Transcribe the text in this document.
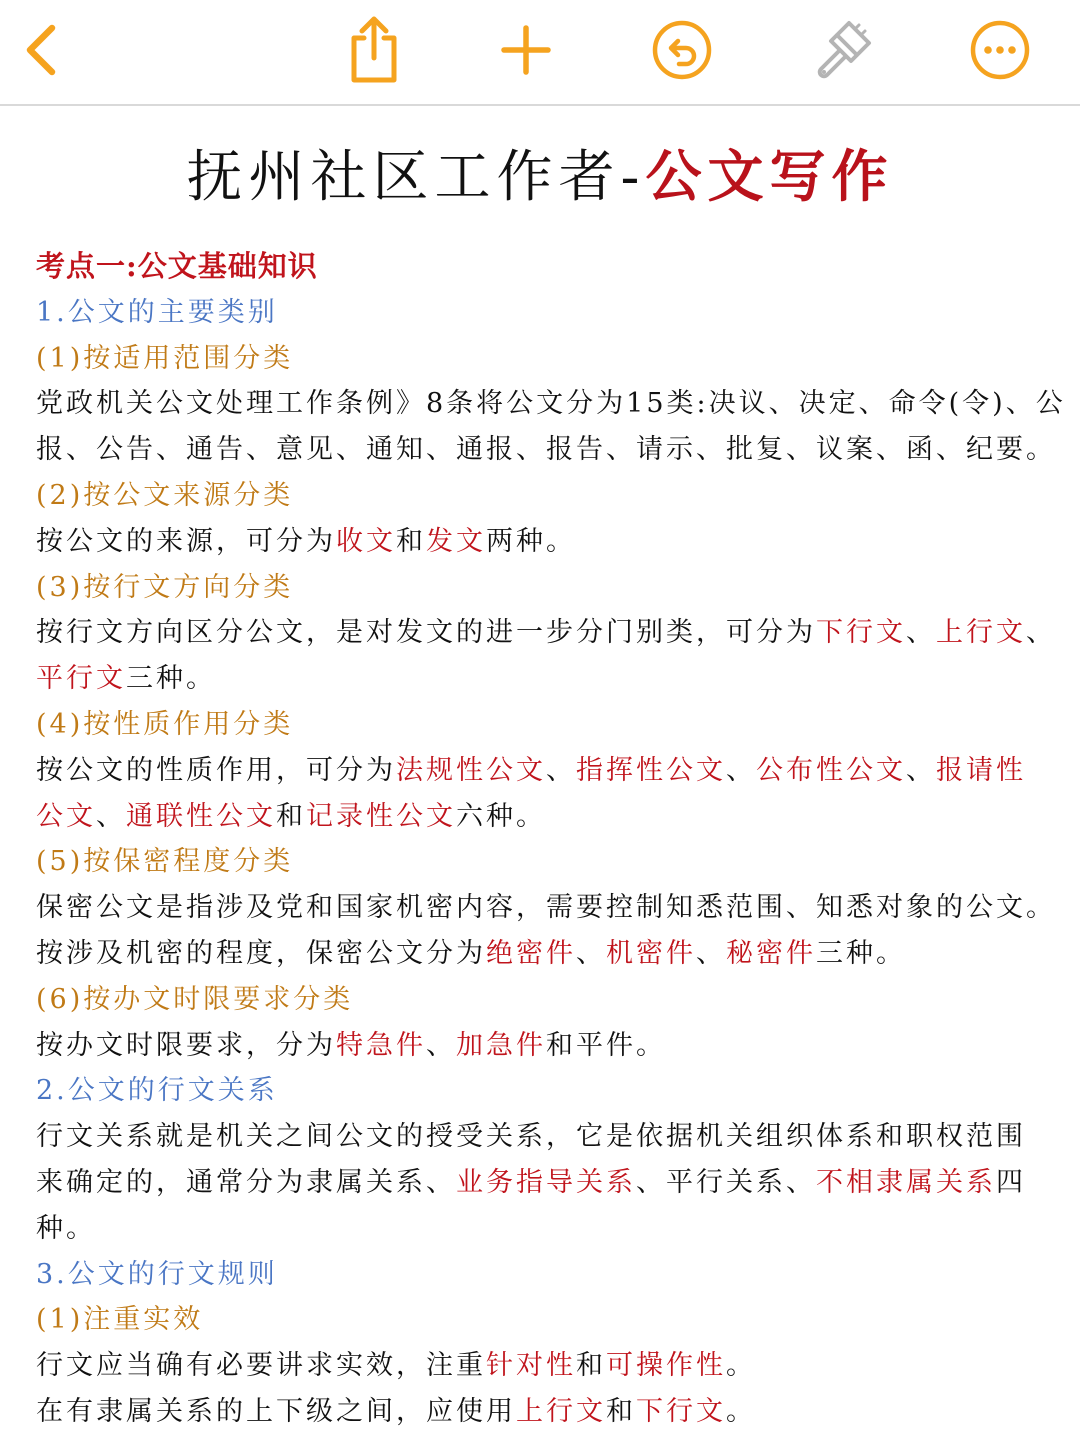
抚州社区工作者-公文写作
考点一:公文基础知识
1.公文的主要类别
(1)按适用范围分类
党政机关公文处理工作条例》8条将公文分为15类:决议、决定、命令(令)、公
报、公告、通告、意见、通知、通报、报告、请示、批复、议案、函、纪要。
(2)按公文来源分类
按公文的来源，可分为收文和发文两种。
(3)按行文方向分类
按行文方向区分公文，是对发文的进一步分门别类，可分为下行文、上行文、
平行文三种。
(4)按性质作用分类
按公文的性质作用，可分为法规性公文、指挥性公文、公布性公文、报请性
公文、通联性公文和记录性公文六种。
(5)按保密程度分类
保密公文是指涉及党和国家机密内容，需要控制知悉范围、知悉对象的公文。
按涉及机密的程度，保密公文分为绝密件、机密件、秘密件三种。
(6)按办文时限要求分类
按办文时限要求，分为特急件、加急件和平件。
2.公文的行文关系
行文关系就是机关之间公文的授受关系，它是依据机关组织体系和职权范围
来确定的，通常分为隶属关系、业务指导关系、平行关系、不相隶属关系四
种。
3.公文的行文规则
(1)注重实效
行文应当确有必要讲求实效，注重针对性和可操作性。
在有隶属关系的上下级之间，应使用上行文和下行文。
